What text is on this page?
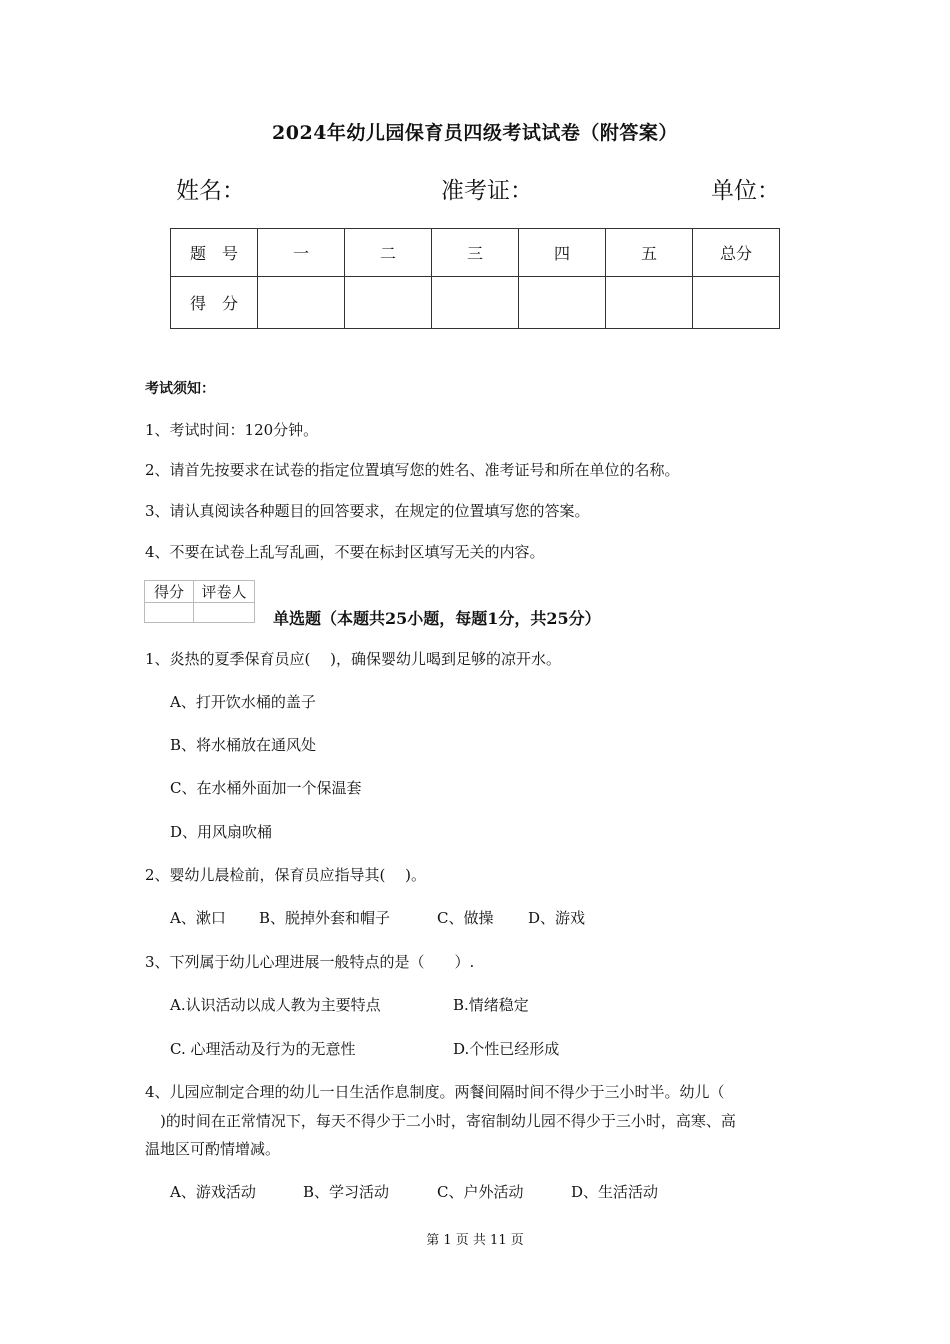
2024年幼儿园保育员四级考试试卷（附答案）
姓名：	准考证：	单位：
题　号	一	二	三	四	五	总分
得　分						
考试须知：
1、考试时间：120分钟。
2、请首先按要求在试卷的指定位置填写您的姓名、准考证号和所在单位的名称。
3、请认真阅读各种题目的回答要求，在规定的位置填写您的答案。
4、不要在试卷上乱写乱画，不要在标封区填写无关的内容。
得分	评卷人

单选题（本题共25小题，每题1分，共25分）
1、炎热的夏季保育员应(　 )，确保婴幼儿喝到足够的凉开水。
A、打开饮水桶的盖子
B、将水桶放在通风处
C、在水桶外面加一个保温套
D、用风扇吹桶
2、婴幼儿晨检前，保育员应指导其(　 )。
A、漱口 B、脱掉外套和帽子	C、做操 D、游戏
3、下列属于幼儿心理进展一般特点的是（　　）.
A.认识活动以成人教为主要特点	B.情绪稳定
C. 心理活动及行为的无意性	D.个性已经形成
4、儿园应制定合理的幼儿一日生活作息制度。两餐间隔时间不得少于三小时半。幼儿（
　)的时间在正常情况下，每天不得少于二小时，寄宿制幼儿园不得少于三小时，高寒、高
温地区可酌情增减。
A、游戏活动	B、学习活动	C、户外活动	D、生活活动
第 1 页 共 11 页
